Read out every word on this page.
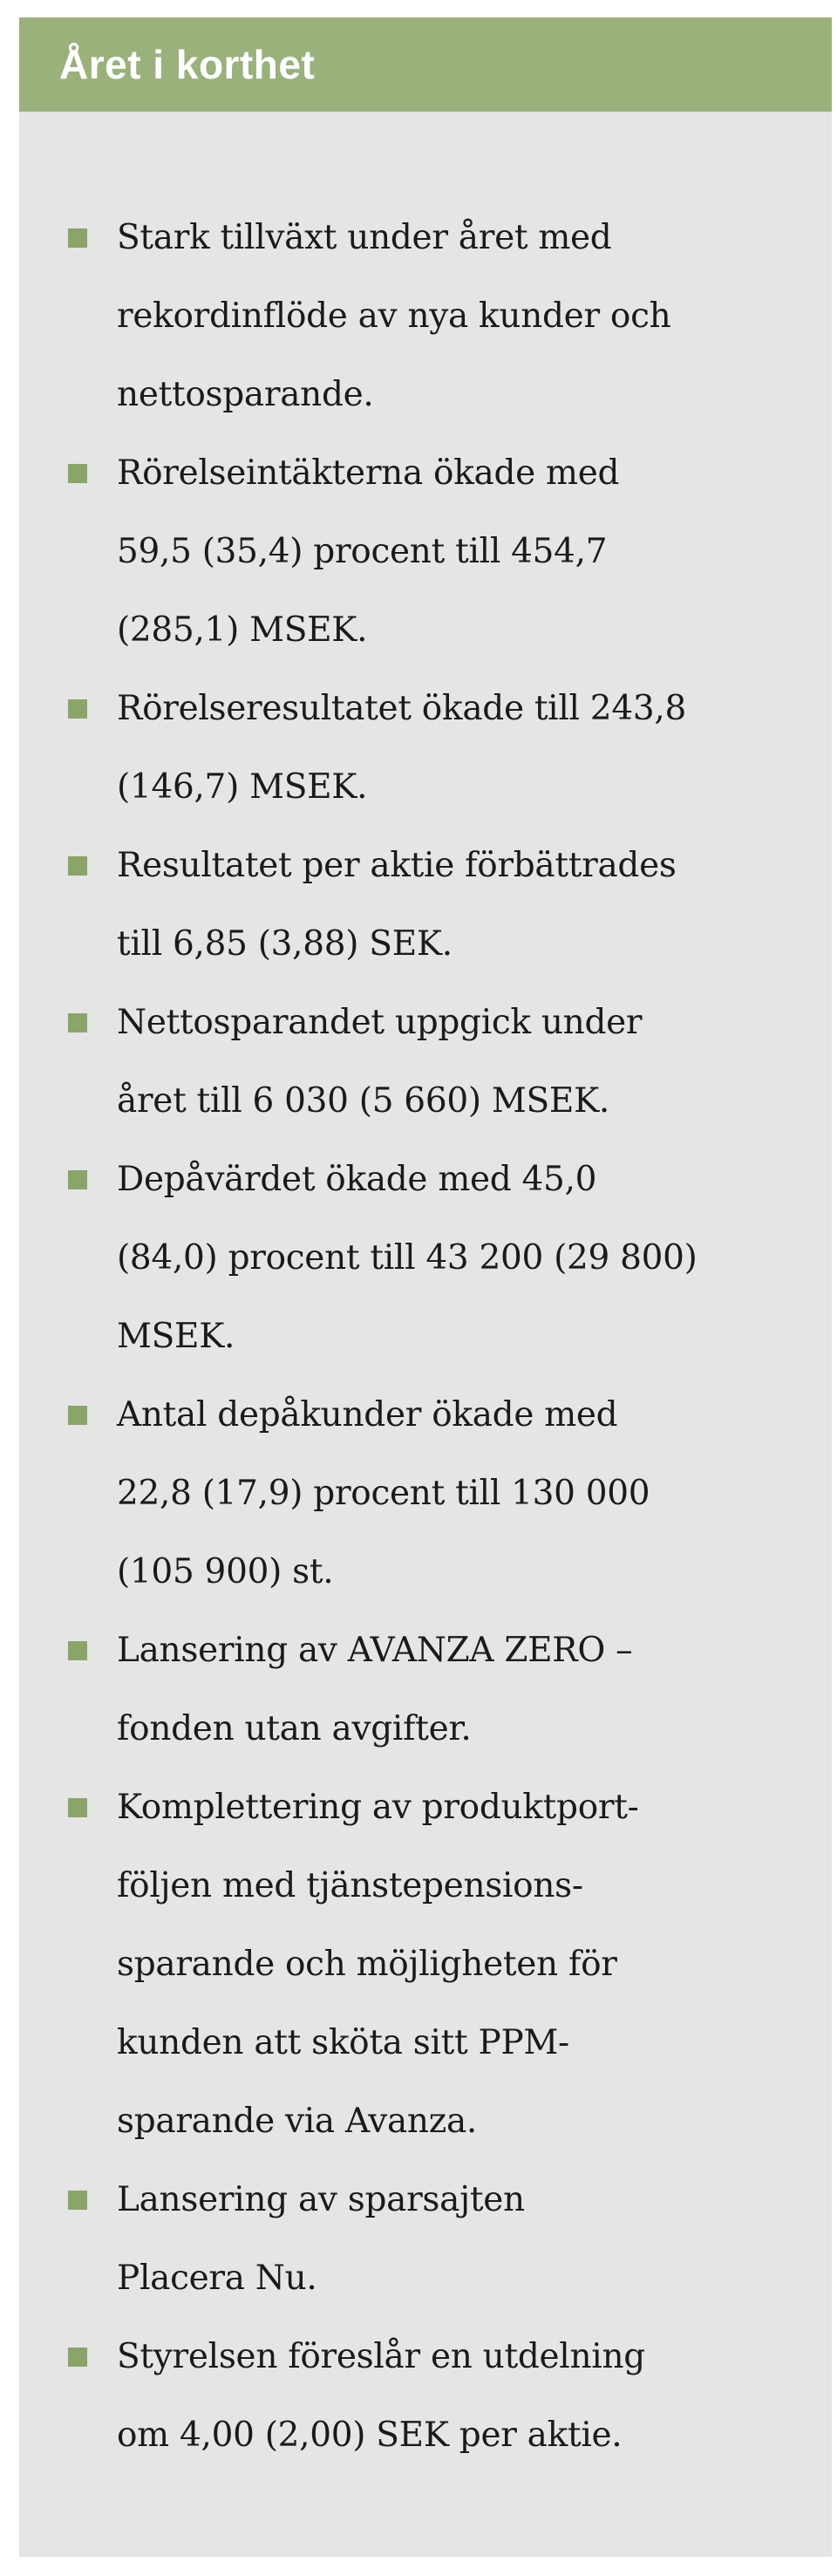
Året i korthet
Stark tillväxt under året med
rekordinflöde av nya kunder och
nettosparande.
Rörelseintäkterna ökade med
59,5 (35,4) procent till 454,7
(285,1) MSEK.
Rörelseresultatet ökade till 243,8
(146,7) MSEK.
Resultatet per aktie förbättrades
till 6,85 (3,88) SEK.
Nettosparandet uppgick under
året till 6 030 (5 660) MSEK.
Depåvärdet ökade med 45,0
(84,0) procent till 43 200 (29 800)
MSEK.
Antal depåkunder ökade med
22,8 (17,9) procent till 130 000
(105 900) st.
Lansering av AVANZA ZERO –
fonden utan avgifter.
Komplettering av produktport-
följen med tjänstepensions-
sparande och möjligheten för
kunden att sköta sitt PPM-
sparande via Avanza.
Lansering av sparsajten
Placera Nu.
Styrelsen föreslår en utdelning
om 4,00 (2,00) SEK per aktie.
